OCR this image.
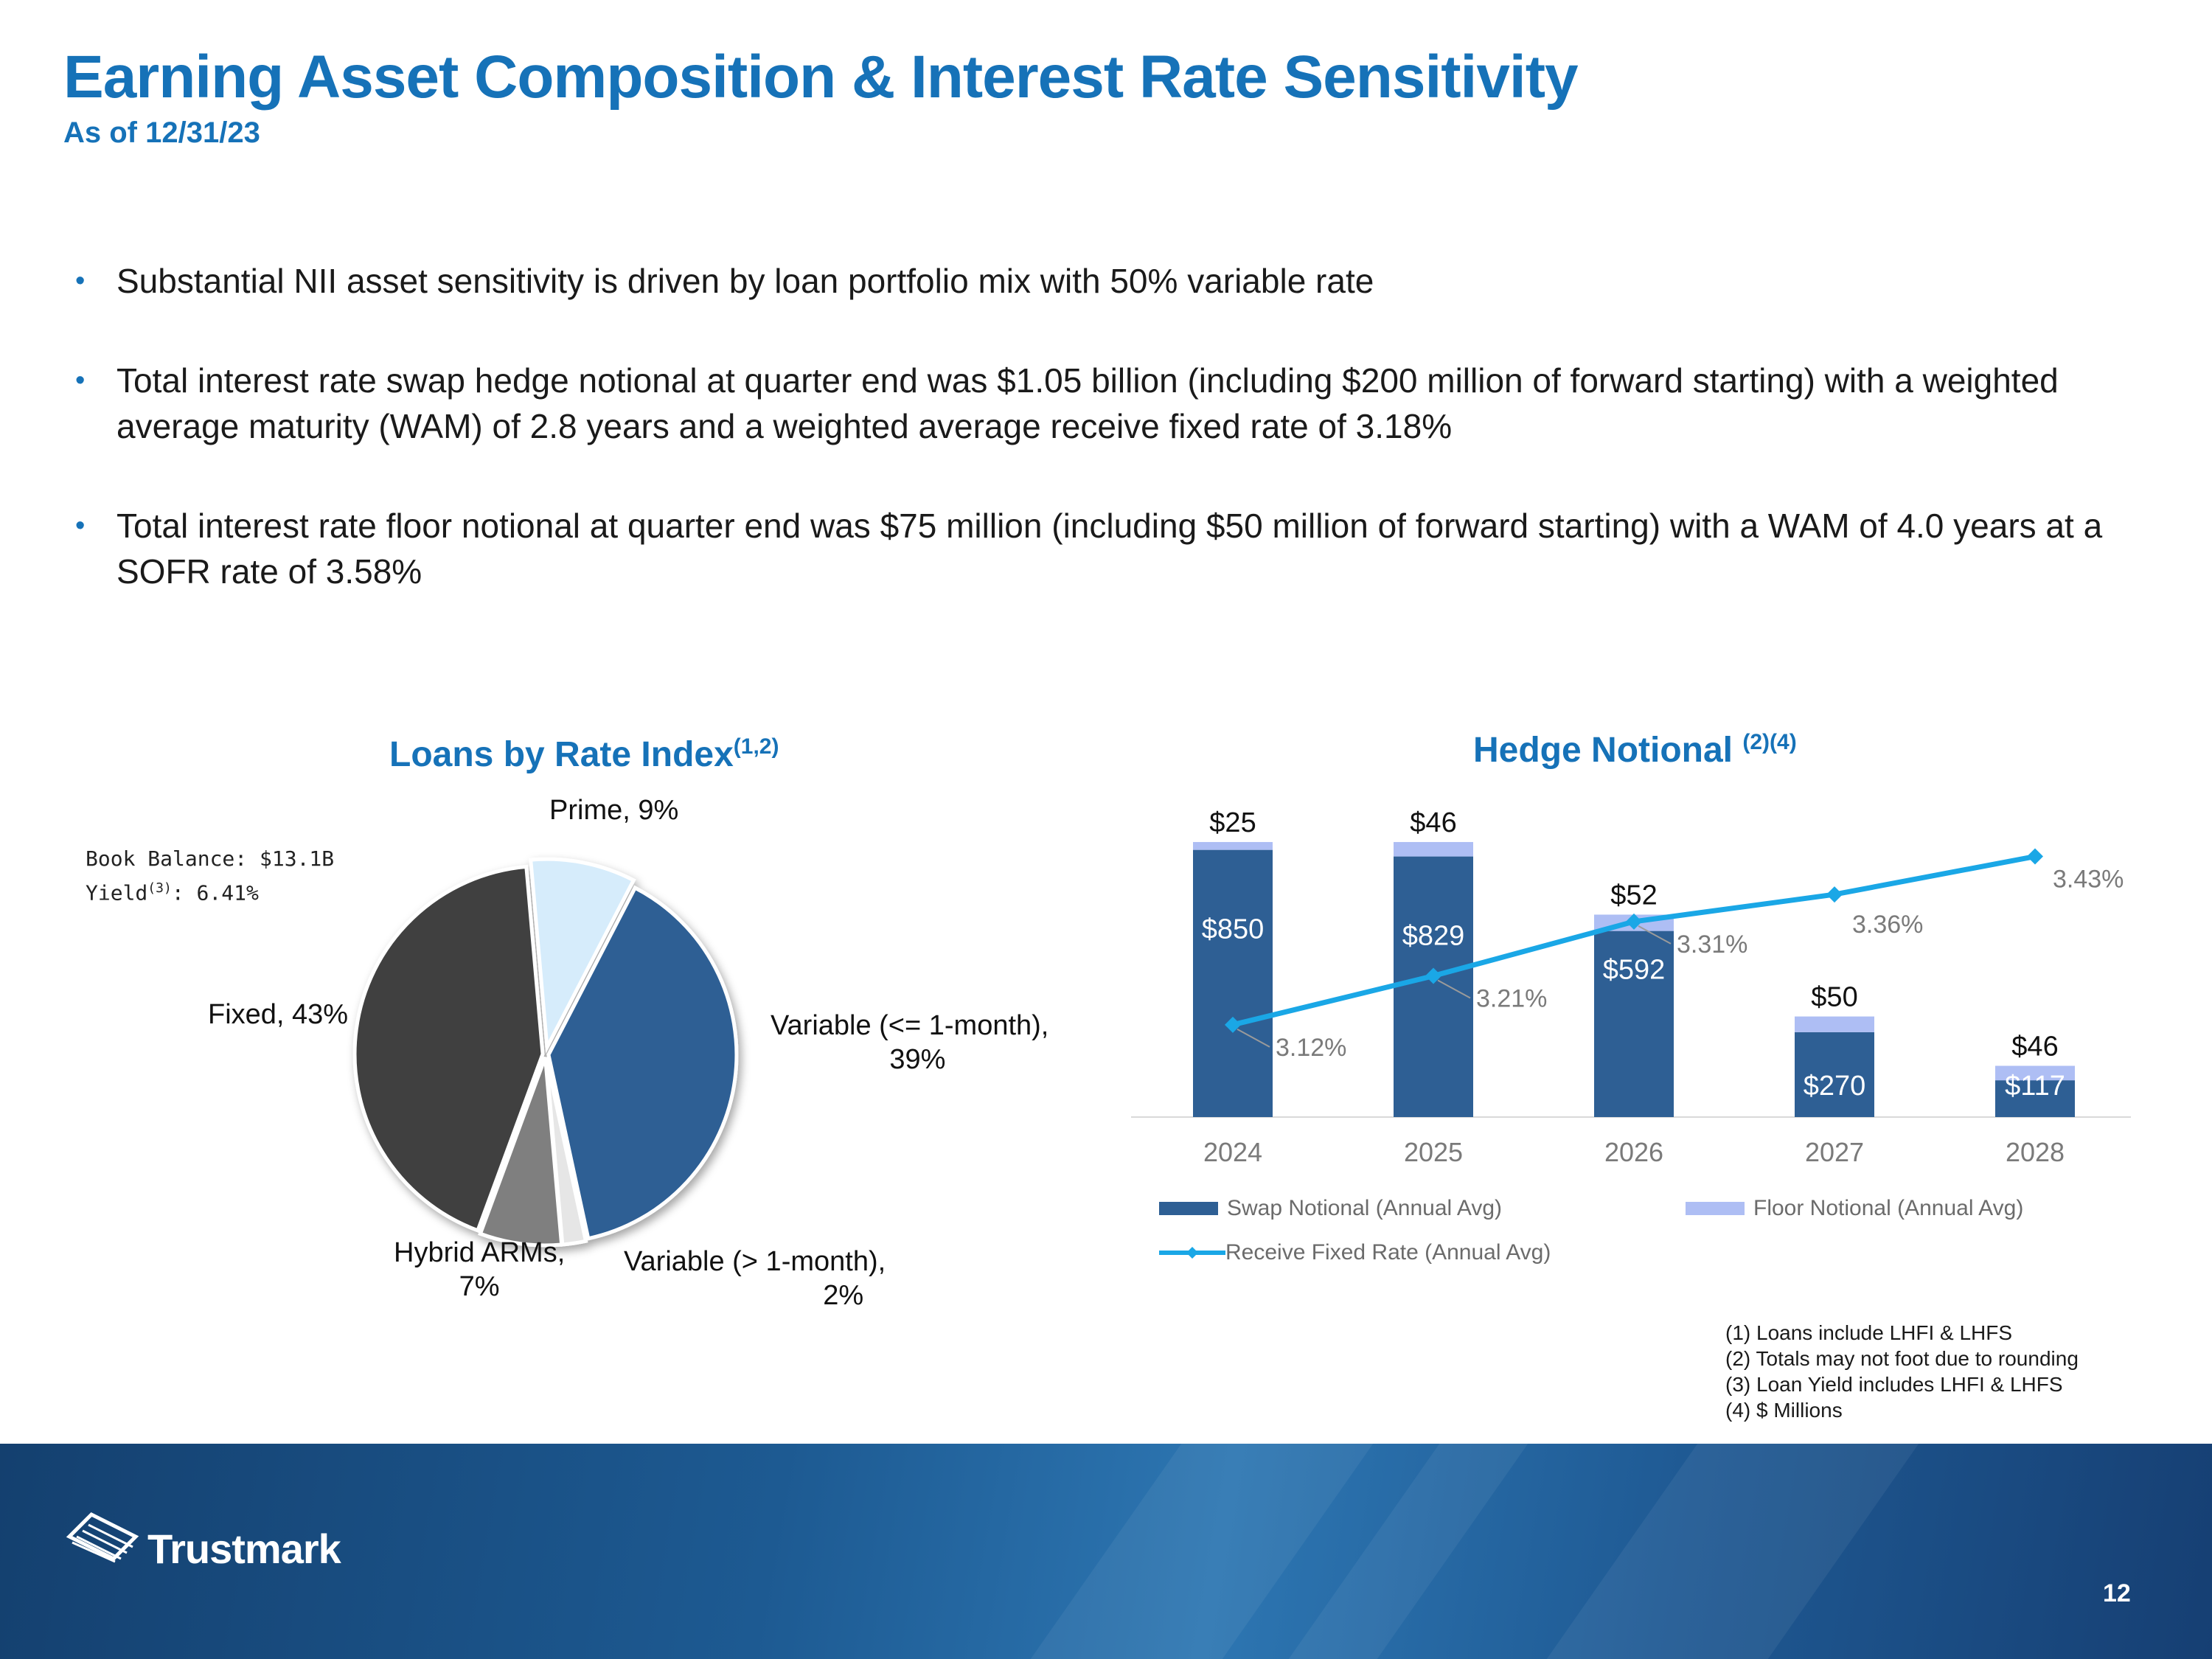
Earning Asset Composition & Interest Rate Sensitivity
As of 12/31/23
• Substantial NII asset sensitivity is driven by loan portfolio mix with 50% variable rate
• Total interest rate swap hedge notional at quarter end was $1.05 billion (including $200 million of forward starting) with a weighted average maturity (WAM) of 2.8 years and a weighted average receive fixed rate of 3.18%
• Total interest rate floor notional at quarter end was $75 million (including $50 million of forward starting) with a WAM of 4.0 years at a SOFR rate of 3.58%
Loans by Rate Index$^{(1,2)}$
Book Balance: $13.1B
Yield$^{(3)}$: 6.41%
Prime, 9%
Variable (<= 1-month),
39%
Variable (> 1-month),
2%
Hybrid ARMs,
7%
Fixed, 43%
Hedge Notional $^{(2)(4)}$
$850
$25
2024
$829
$46
2025
$592
$52
2026
$270
$50
2027
$117
$46
2028
3.12%
3.21%
3.31%
3.36%
3.43%
Swap Notional (Annual Avg)	Floor Notional (Annual Avg)
Receive Fixed Rate (Annual Avg)
(1) Loans include LHFI & LHFS
(2) Totals may not foot due to rounding
(3) Loan Yield includes LHFI & LHFS
(4) $ Millions
Trustmark
12
